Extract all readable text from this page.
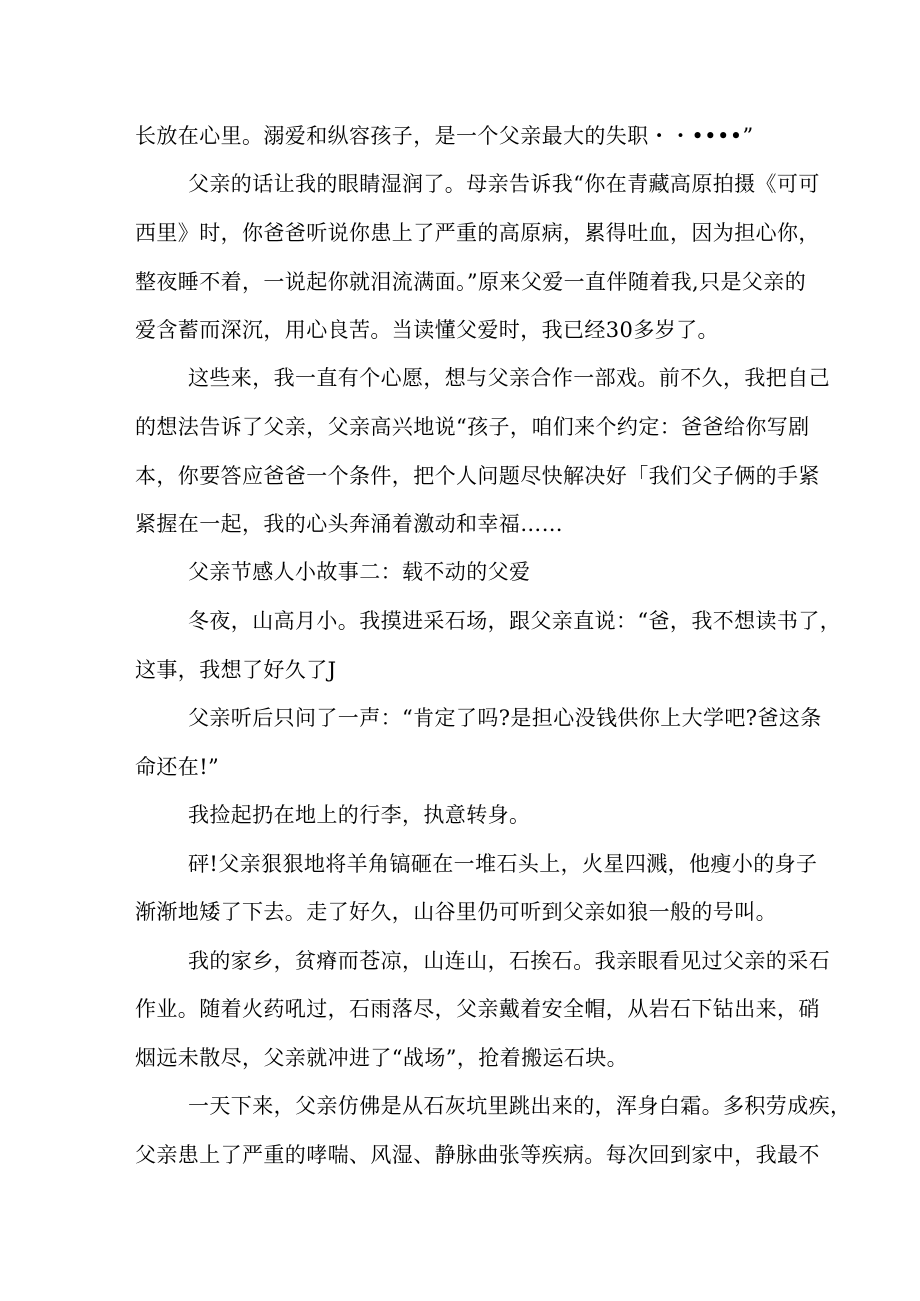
长放在心里。溺爱和纵容孩子，是一个父亲最大的失职・・••••”
父亲的话让我的眼睛湿润了。母亲告诉我“你在青藏高原拍摄《可可
西里》时，你爸爸听说你患上了严重的高原病，累得吐血，因为担心你，
整夜睡不着，一说起你就泪流满面。”原来父爱一直伴随着我,只是父亲的
爱含蓄而深沉，用心良苦。当读懂父爱时，我已经30多岁了。
这些来，我一直有个心愿，想与父亲合作一部戏。前不久，我把自己
的想法告诉了父亲，父亲高兴地说“孩子，咱们来个约定：爸爸给你写剧
本，你要答应爸爸一个条件，把个人问题尽快解决好「我们父子俩的手紧
紧握在一起，我的心头奔涌着激动和幸福……
父亲节感人小故事二：载不动的父爱
冬夜，山高月小。我摸进采石场，跟父亲直说：“爸，我不想读书了，
这事，我想了好久了J
父亲听后只问了一声：“肯定了吗?是担心没钱供你上大学吧?爸这条
命还在!”
我捡起扔在地上的行李，执意转身。
砰!父亲狠狠地将羊角镐砸在一堆石头上，火星四溅，他瘦小的身子
渐渐地矮了下去。走了好久，山谷里仍可听到父亲如狼一般的号叫。
我的家乡，贫瘠而苍凉，山连山，石挨石。我亲眼看见过父亲的采石
作业。随着火药吼过，石雨落尽，父亲戴着安全帽，从岩石下钻出来，硝
烟远未散尽，父亲就冲进了“战场”，抢着搬运石块。
一天下来，父亲仿佛是从石灰坑里跳出来的，浑身白霜。多积劳成疾，
父亲患上了严重的哮喘、风湿、静脉曲张等疾病。每次回到家中，我最不
